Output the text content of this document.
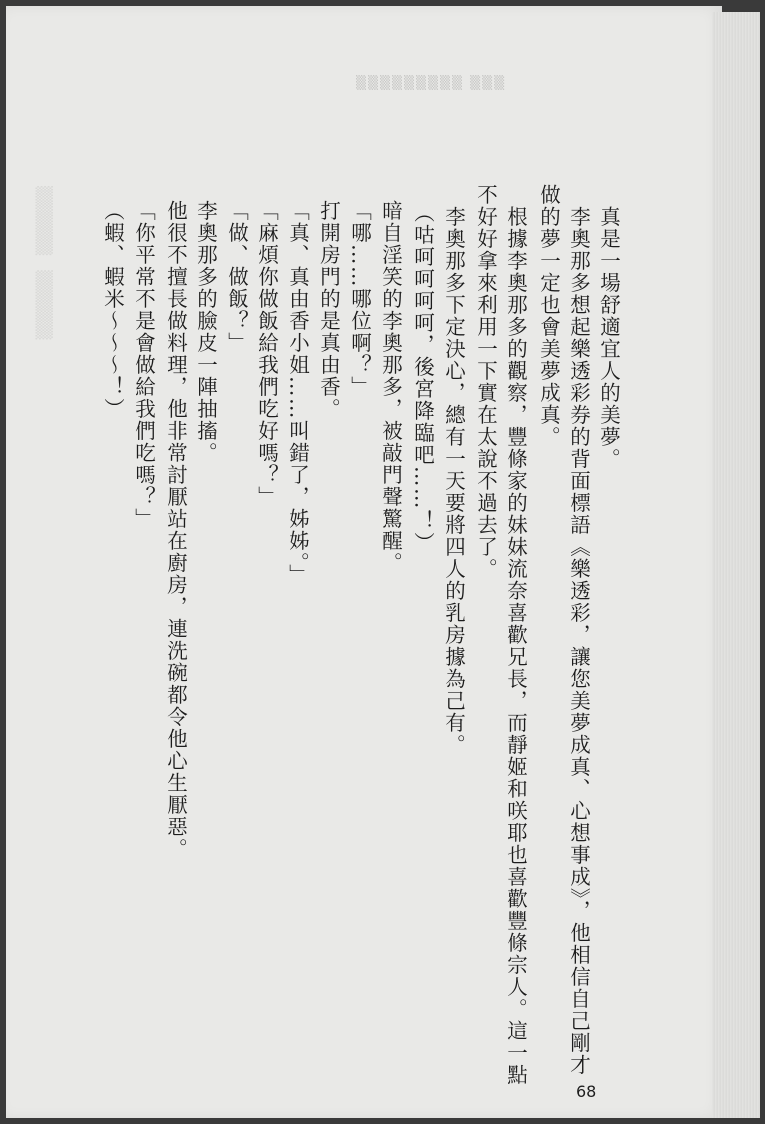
▒▒▒▒▒▒▒▒▒ ▒▒▒
▒▒▒▒▒▒　▒▒▒▒▒▒	真是一場舒適宜人的美夢。
李奧那多想起樂透彩券的背面標語《樂透彩，讓您美夢成真、心想事成》，他相信自己剛才
做的夢一定也會美夢成真。
根據李奧那多的觀察，豐條家的妹妹流奈喜歡兄長，而靜姬和咲耶也喜歡豐條宗人。這一點
不好好拿來利用一下實在太說不過去了。
李奧那多下定決心，總有一天要將四人的乳房據為己有。
（咕呵呵呵呵，後宮降臨吧……！）
暗自淫笑的李奧那多，被敲門聲驚醒。
「哪……哪位啊？」
打開房門的是真由香。
「真、真由香小姐……叫錯了，姊姊。」
「麻煩你做飯給我們吃好嗎？」
「做、做飯？」
李奧那多的臉皮一陣抽搐。
他很不擅長做料理，他非常討厭站在廚房，連洗碗都令他心生厭惡。
「你平常不是會做給我們吃嗎？」
（蝦、蝦米～～～！）
68
